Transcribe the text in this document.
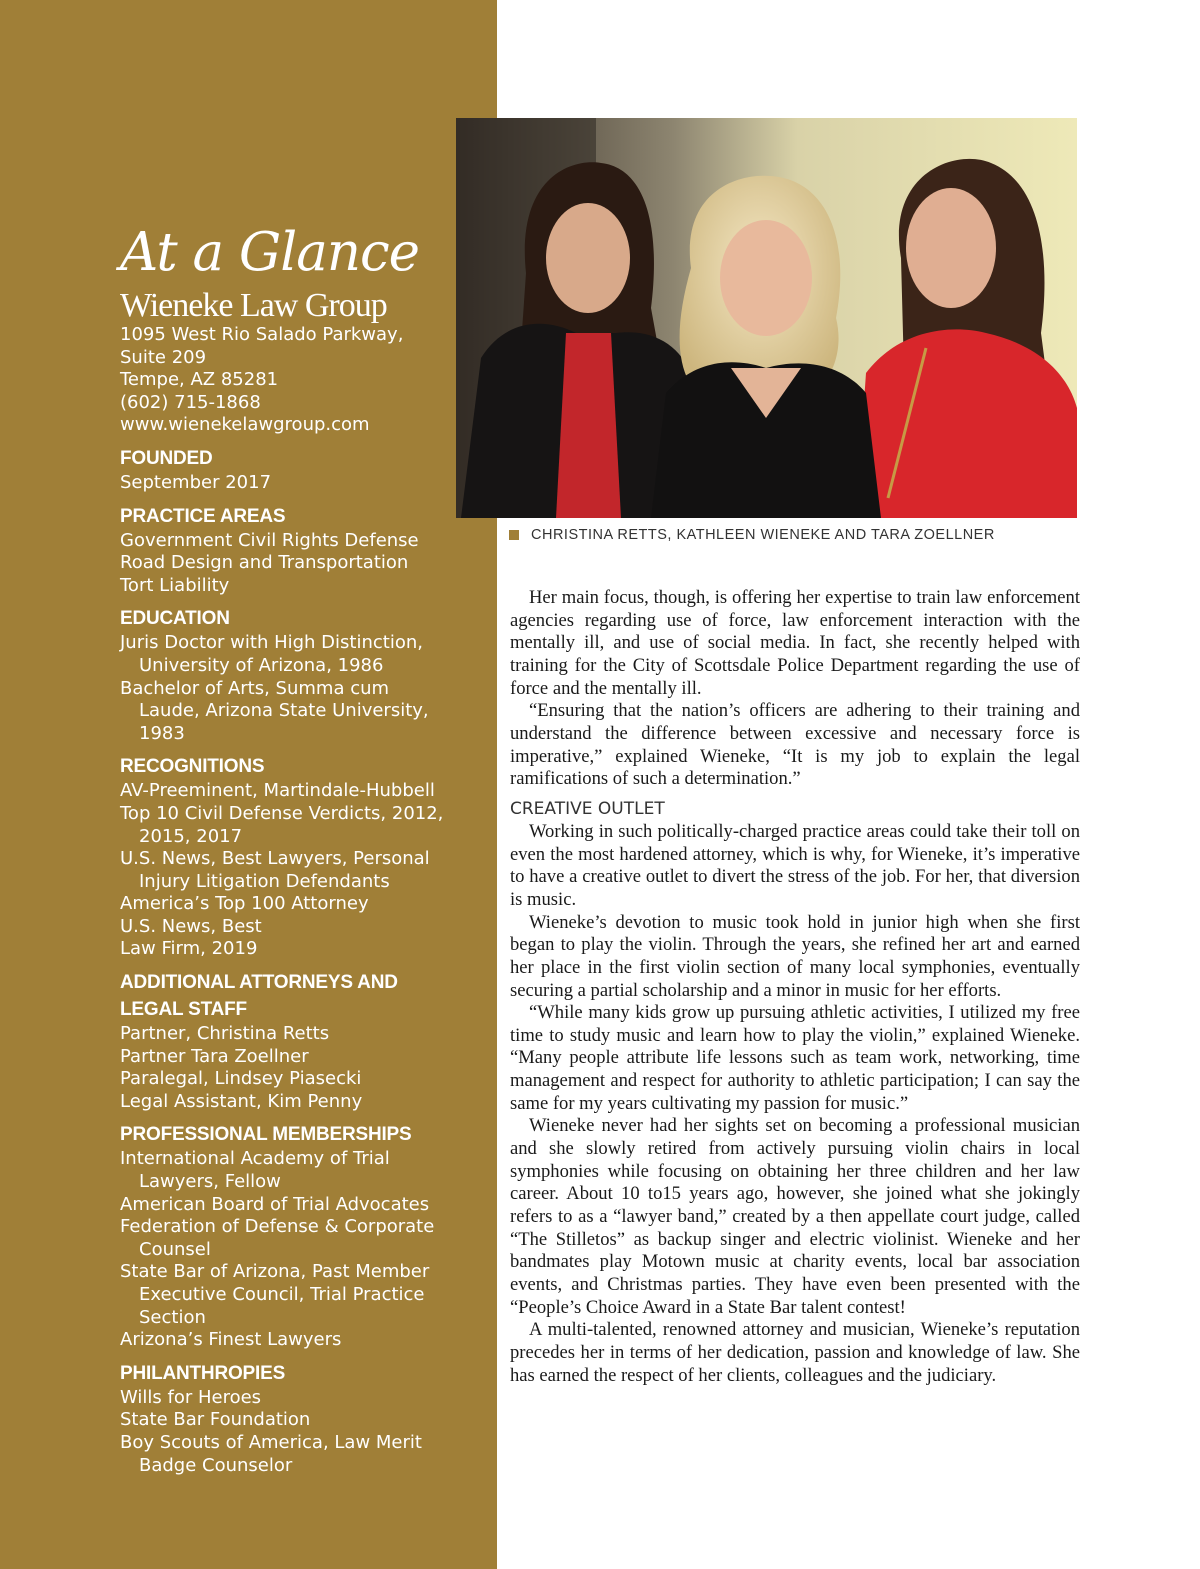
At a Glance
Wieneke Law Group
1095 West Rio Salado Parkway,
Suite 209
Tempe, AZ 85281
(602) 715-1868
www.wienekelawgroup.com
FOUNDED
September 2017
PRACTICE AREAS
Government Civil Rights Defense
Road Design and Transportation
Tort Liability
EDUCATION
Juris Doctor with High Distinction,
University of Arizona, 1986
Bachelor of Arts, Summa cum
Laude, Arizona State University,
1983
RECOGNITIONS
AV-Preeminent, Martindale-Hubbell
Top 10 Civil Defense Verdicts, 2012,
2015, 2017
U.S. News, Best Lawyers, Personal
Injury Litigation Defendants
America’s Top 100 Attorney
U.S. News, Best
Law Firm, 2019
ADDITIONAL ATTORNEYS AND
LEGAL STAFF
Partner, Christina Retts
Partner Tara Zoellner
Paralegal, Lindsey Piasecki
Legal Assistant, Kim Penny
PROFESSIONAL MEMBERSHIPS
International Academy of Trial
Lawyers, Fellow
American Board of Trial Advocates
Federation of Defense & Corporate
Counsel
State Bar of Arizona, Past Member
Executive Council, Trial Practice
Section
Arizona’s Finest Lawyers
PHILANTHROPIES
Wills for Heroes
State Bar Foundation
Boy Scouts of America, Law Merit
Badge Counselor
CHRISTINA RETTS, KATHLEEN WIENEKE AND TARA ZOELLNER

Her main focus, though, is offering her expertise to train law enforcement agencies regarding use of force, law enforcement interaction with the mentally ill, and use of social media. In fact, she recently helped with training for the City of Scottsdale Police Department regarding the use of force and the mentally ill.

“Ensuring that the nation’s officers are adhering to their training and understand the difference between excessive and necessary force is imperative,” explained Wieneke, “It is my job to explain the legal ramifications of such a determination.”

CREATIVE OUTLET

Working in such politically-charged practice areas could take their toll on even the most hardened attorney, which is why, for Wieneke, it’s imperative to have a creative outlet to divert the stress of the job. For her, that diversion is music.

Wieneke’s devotion to music took hold in junior high when she first began to play the violin. Through the years, she refined her art and earned her place in the first violin section of many local symphonies, eventually securing a partial scholarship and a minor in music for her efforts.

“While many kids grow up pursuing athletic activities, I utilized my free time to study music and learn how to play the violin,” explained Wieneke. “Many people attribute life lessons such as team work, networking, time management and respect for authority to athletic participation; I can say the same for my years cultivating my passion for music.”

Wieneke never had her sights set on becoming a professional musician and she slowly retired from actively pursuing violin chairs in local symphonies while focusing on obtaining her three children and her law career. About 10 to15 years ago, however, she joined what she jokingly refers to as a “lawyer band,” created by a then appellate court judge, called “The Stilletos” as backup singer and electric violinist. Wieneke and her bandmates play Motown music at charity events, local bar association events, and Christmas parties. They have even been presented with the “People’s Choice Award in a State Bar talent contest!

A multi-talented, renowned attorney and musician, Wieneke’s reputation precedes her in terms of her dedication, passion and knowledge of law. She has earned the respect of her clients, colleagues and the judiciary.
